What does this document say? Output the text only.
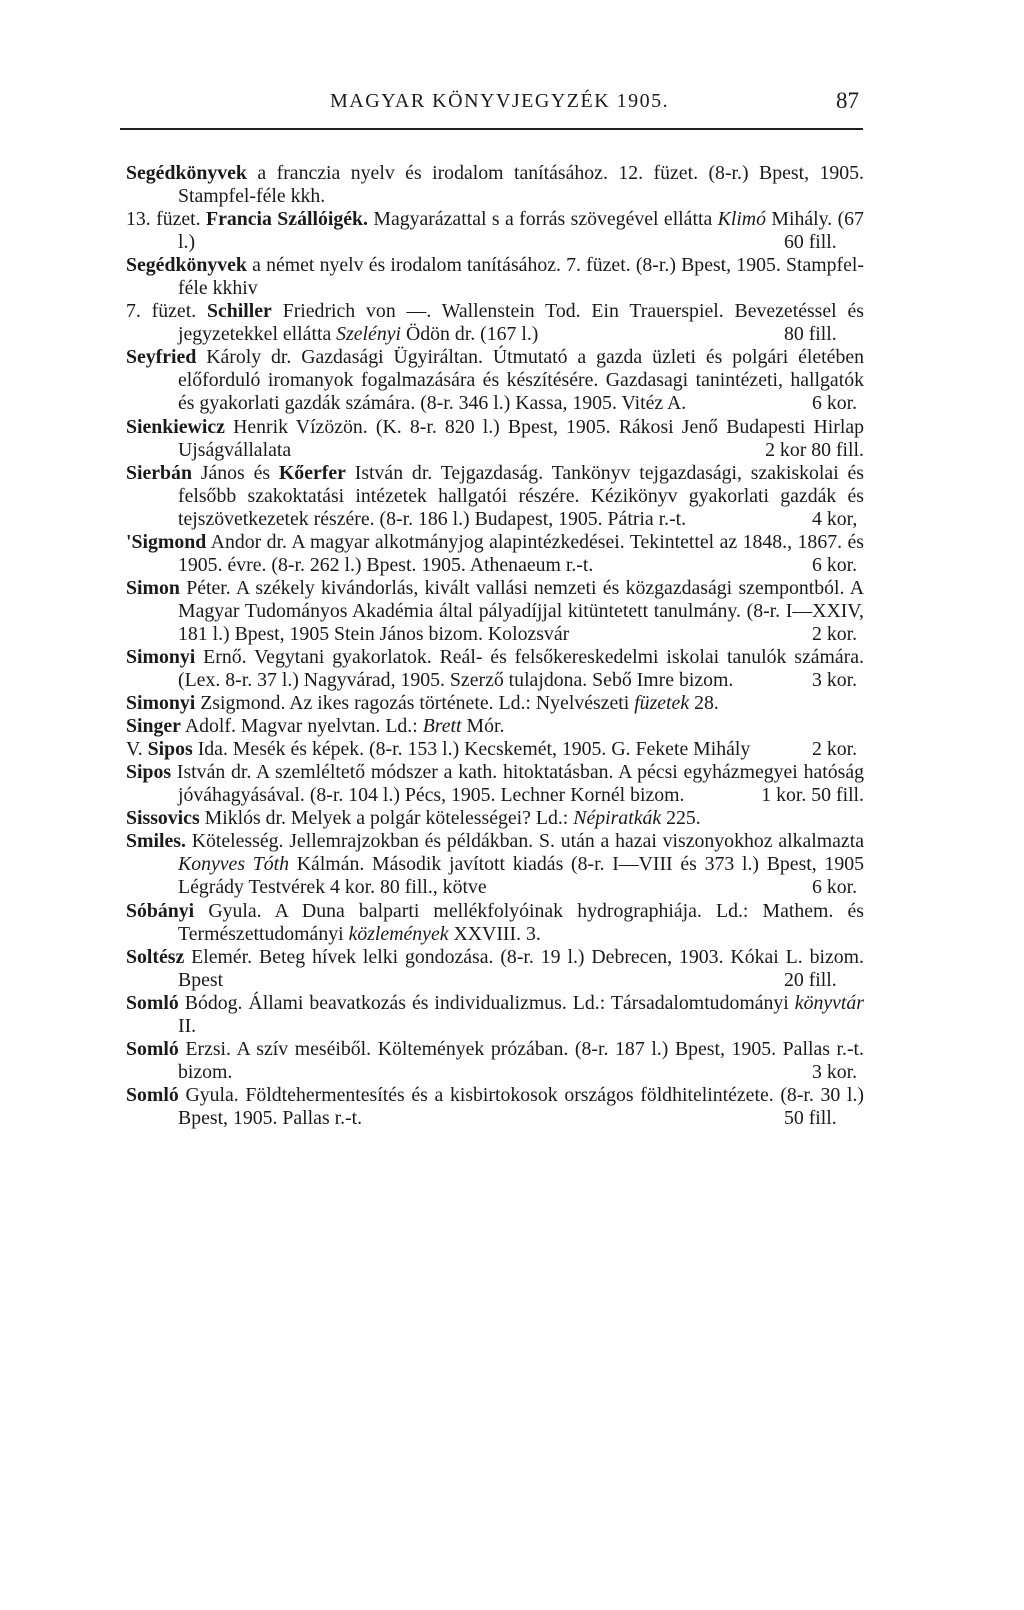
MAGYAR KÖNYVJEGYZÉK 1905.	87

Segédkönyvek a franczia nyelv és irodalom tanításához. 12. füzet. (8-r.) Bpest, 1905. Stampfel-féle kkh.

13. füzet. Francia Szállóigék. Magyarázattal s a forrás szövegével ellátta Klimó Mihály. (67 l.)	60 fill.

Segédkönyvek a német nyelv és irodalom tanításához. 7. füzet. (8-r.) Bpest, 1905. Stampfel-féle kkhiv

7. füzet. Schiller Friedrich von —. Wallenstein Tod. Ein Trauerspiel. Bevezetéssel és jegyzetekkel ellátta Szelényi Ödön dr. (167 l.)	80 fill.

Seyfried Károly dr. Gazdasági Ügyiráltan. Útmutató a gazda üzleti és polgári életében előforduló iromanyok fogalmazására és készítésére. Gazdasagi tanintézeti, hallgatók és gyakorlati gazdák számára. (8-r. 346 l.) Kassa, 1905. Vitéz A.	6 kor.
Sienkiewicz Henrik Vízözön. (K. 8-r. 820 l.) Bpest, 1905. Rákosi Jenő Budapesti Hirlap Ujságvállalata	2 kor 80 fill.
Sierbán János és Kőerfer István dr. Tejgazdaság. Tankönyv tejgazdasági, szakiskolai és felsőbb szakoktatási intézetek hallgatói részére. Kézikönyv gyakorlati gazdák és tejszövetkezetek részére. (8-r. 186 l.) Budapest, 1905. Pátria r.-t.	4 kor,
'Sigmond Andor dr. A magyar alkotmányjog alapintézkedései. Tekintettel az 1848., 1867. és 1905. évre. (8-r. 262 l.) Bpest. 1905. Athenaeum r.-t.	6 kor.
Simon Péter. A székely kivándorlás, kivált vallási nemzeti és közgazdasági szempontból. A Magyar Tudományos Akadémia által pályadíjjal kitüntetett tanulmány. (8-r. I—XXIV, 181 l.) Bpest, 1905 Stein János bizom. Kolozsvár	2 kor.
Simonyi Ernő. Vegytani gyakorlatok. Reál- és felsőkereskedelmi iskolai tanulók számára. (Lex. 8-r. 37 l.) Nagyvárad, 1905. Szerző tulajdona. Sebő Imre bizom.	3 kor.
Simonyi Zsigmond. Az ikes ragozás története. Ld.: Nyelvészeti füzetek 28.
Singer Adolf. Magvar nyelvtan. Ld.: Brett Mór.
V. Sipos Ida. Mesék és képek. (8-r. 153 l.) Kecskemét, 1905. G. Fekete Mihály	2 kor.
Sipos István dr. A szemléltető módszer a kath. hitoktatásban. A pécsi egyházmegyei hatóság jóváhagyásával. (8-r. 104 l.) Pécs, 1905. Lechner Kornél bizom.	1 kor. 50 fill.
Sissovics Miklós dr. Melyek a polgár kötelességei? Ld.: Népiratkák 225.
Smiles. Kötelesség. Jellemrajzokban és példákban. S. után a hazai viszonyokhoz alkalmazta Konyves Tóth Kálmán. Második javított kiadás (8-r. I—VIII és 373 l.) Bpest, 1905 Légrády Testvérek 4 kor. 80 fill., kötve	6 kor.
Sóbányi Gyula. A Duna balparti mellékfolyóinak hydrographiája. Ld.: Mathem. és Természettudományi közlemények XXVIII. 3.
Soltész Elemér. Beteg hívek lelki gondozása. (8-r. 19 l.) Debrecen, 1903. Kókai L. bizom. Bpest	20 fill.
Somló Bódog. Állami beavatkozás és individualizmus. Ld.: Társadalomtudományi könyvtár II.
Somló Erzsi. A szív meséiből. Költemények prózában. (8-r. 187 l.) Bpest, 1905. Pallas r.-t. bizom.	3 kor.
Somló Gyula. Földtehermentesítés és a kisbirtokosok országos földhitelintézete. (8-r. 30 l.) Bpest, 1905. Pallas r.-t.	50 fill.
